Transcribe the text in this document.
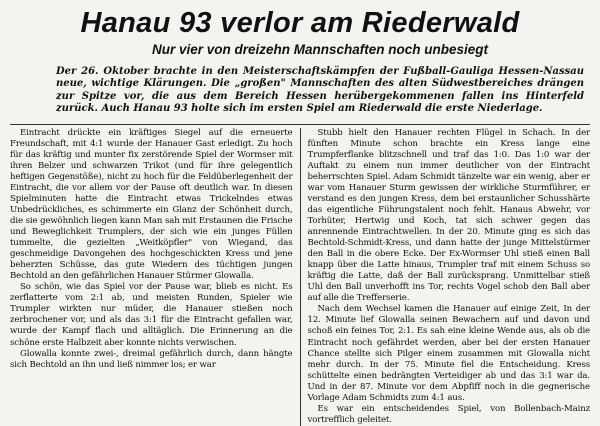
Hanau 93 verlor am Riederwald
Nur vier von dreizehn Mannschaften noch unbesiegt

Der 26. Oktober brachte in den Meisterschaftskämpfen der Fußball-Gauliga Hessen-Nassau neue, wichtige Klärungen. Die „großen" Mannschaften des alten Südwestbereiches drängen zur Spitze vor, die aus dem Bereich Hessen herübergekommenen fallen ins Hinterfeld zurück. Auch Hanau 93 holte sich im ersten Spiel am Riederwald die erste Niederlage.

Eintracht drückte ein kräftiges Siegel auf die erneuerte Freundschaft, mit 4:1 wurde der Hanauer Gast erledigt. Zu hoch für das kräftig und munter fix zerstörende Spiel der Wormser mit ihren Belzer und schwarzen Trikot (und für ihre gelegentlich heftigen Gegenstöße), nicht zu hoch für die Feldüberlegenheit der Eintracht, die vor allem vor der Pause oft deutlich war. In diesen Spielminuten hatte die Eintracht etwas Trickelndes etwas Unbedrückliches, es schimmerte ein Glanz der Schönheit durch, die sie gewöhnlich liegen kann Man sah mit Erstaunen die Frische und Beweglichkeit Trumplers, der sich wie ein junges Füllen tummelte, die gezielten „Weitköpfler" von Wiegand, das geschmeidige Davongehen des hochgeschickten Kress und jene beherzten Schüsse, das gute Wiedern des tüchtigen jungen Bechtold an den gefährlichen Hanauer Stürmer Glowalla.

So schön, wie das Spiel vor der Pause war, blieb es nicht. Es zerflatterte vom 2:1 ab, und meisten Runden, Spieler wie Trumpler wirkten nur müder, die Hanauer stießen noch zerbrochener vor, und als das 3:1 für die Eintracht gefallen war, wurde der Kampf flach und alltäglich. Die Erinnerung an die schöne erste Halbzeit aber konnte nichts verwischen.

Glowalla konnte zwei-, dreimal gefährlich durch, dann hängte sich Bechtold an ihn und ließ nimmer los; er war

Stubb hielt den Hanauer rechten Flügel in Schach. In der fünften Minute schon brachte ein Kress lange eine Trumpferflanke blitzschnell und traf das 1:0. Das 1:0 war der Auftakt zu einem nun immer deutlicher von der Eintracht beherrschten Spiel. Adam Schmidt tänzelte war ein wenig, aber er war vom Hanauer Sturm gewissen der wirkliche Sturmführer, er verstand es den jungen Kress, dem bei erstaunlicher Schusshärte das eigentliche Führungstalent noch fehlt. Hanaus Abwehr, vor Torhüter, Hertwig und Koch, tat sich schwer gegen das anrennende Eintrachtwellen. In der 20. Minute ging es sich das Bechtold-Schmidt-Kress, und dann hatte der junge Mittelstürmer den Ball in die obere Ecke. Der Ex-Wormser Uhl stieß einen Ball knapp über die Latte hinaus, Trumpler traf mit einem Schuss so kräftig die Latte, daß der Ball zurücksprang. Unmittelbar stieß Uhl den Ball unverhofft ins Tor, rechts Vogel schob den Ball aber auf alle die Trefferserie.

Nach dem Wechsel kamen die Hanauer auf einige Zeit, In der 12. Minute lief Glowalla seinen Bewachern auf und davon und schoß ein feines Tor, 2:1. Es sah eine kleine Wende aus, als ob die Eintracht noch gefährdet werden, aber bei der ersten Hanauer Chance stellte sich Pilger einem zusammen mit Glowalla nicht mehr durch. In der 75. Minute fiel die Entscheidung. Kress schüttelte einen bedrängten Verteidiger ab und das 3:1 war da. Und in der 87. Minute vor dem Abpfiff noch in die gegnerische Vorlage Adam Schmidts zum 4:1 aus.

Es war ein entscheidendes Spiel, von Bollenbach-Mainz vortrefflich geleitet.
